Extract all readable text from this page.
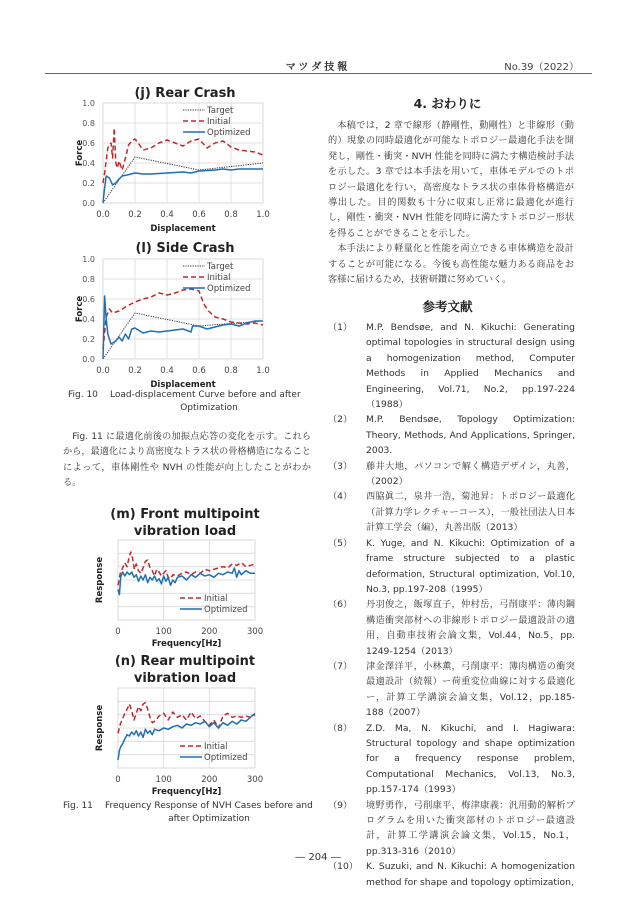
マツダ技報	No.39（2022）
(j) Rear Crash
0.0
0.2
0.4
0.6
0.8
1.0
0.0 0.2 0.4 0.6 0.8 1.0
Displacement
Force
Target
Initial
Optimized
(l) Side Crash
0.0
0.2
0.4
0.6
0.8
1.0
0.0 0.2 0.4 0.6 0.8 1.0
Displacement
Force
Target
Initial
Optimized
Fig. 10 Load-displacement Curve before and after
Optimization
Fig. 11 に最適化前後の加振点応答の変化を示す。これらから，最適化により高密度なトラス状の骨格構造になることによって，車体剛性や NVH の性能が向上したことがわかる。
(m) Front multipoint
vibration load
0	100	200	300
Frequency[Hz]
Response	Initial
Optimized
(n) Rear multipoint
vibration load
0	100	200	300
Frequency[Hz]
Response	Initial
Optimized
Fig. 11 Frequency Response of NVH Cases before and
after Optimization
4. おわりに

本稿では，2 章で線形（静剛性，動剛性）と非線形（動的）現象の同時最適化が可能なトポロジー最適化手法を開発し，剛性・衝突・NVH 性能を同時に満たす構造検討手法を示した。3 章では本手法を用いて，車体モデルでのトポロジー最適化を行い，高密度なトラス状の車体骨格構造が導出した。目的関数も十分に収束し正常に最適化が進行し，剛性・衝突・NVH 性能を同時に満たすトポロジー形状を得ることができることを示した。

本手法により軽量化と性能を両立できる車体構造を設計することが可能になる。今後も高性能な魅力ある商品をお客様に届けるため，技術研鑽に努めていく。

参考文献
（1） M.P. Bendsøe, and N. Kikuchi: Generating optimal topologies in structural design using a homogenization method, Computer Methods in Applied Mechanics and Engineering, Vol.71, No.2, pp.197-224（1988）
（2） M.P. Bendsøe, Topology Optimization: Theory, Methods, And Applications, Springer, 2003.
（3） 藤井大地，パソコンで解く構造デザイン，丸善，（2002）
（4） 西脇眞二，泉井一浩，菊池昇：トポロジー最適化（計算力学レクチャーコース），一般社団法人日本計算工学会（編），丸善出版（2013）
（5） K. Yuge, and N. Kikuchi: Optimization of a frame structure subjected to a plastic deformation, Structural optimization, Vol.10, No.3, pp.197-208（1995）
（6） 丹羽俊之，飯塚直子，仲村岳，弓削康平：薄肉鋼構造衝突部材への非線形トポロジー最適設計の適用，自動車技術会論文集，Vol.44，No.5，pp. 1249-1254（2013）
（7） 津金澤洋平，小林薫，弓削康平：薄肉構造の衝突最適設計（続報）ー荷重変位曲線に対する最適化ー，計算工学講演会論文集，Vol.12，pp.185-188（2007）
（8） Z.D. Ma, N. Kikuchi, and I. Hagiwara: Structural topology and shape optimization for a frequency response problem, Computational Mechanics, Vol.13, No.3, pp.157-174（1993）
（9） 境野勇作，弓削康平，梅津康義：汎用動的解析プログラムを用いた衝突部材のトポロジー最適設計，計算工学講演会論文集，Vol.15，No.1，pp.313-316（2010）
（10） K. Suzuki, and N. Kikuchi: A homogenization method for shape and topology optimization,
― 204 ―
